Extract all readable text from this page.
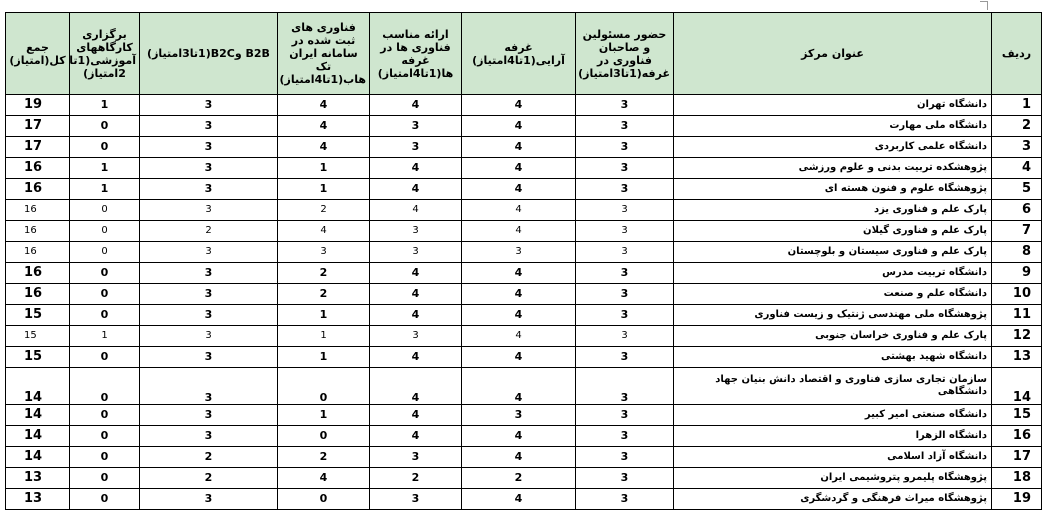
ردیف	عنوان مرکز	حضور مسئولین و صاحبان فناوری در غرفه(1تا3امتیاز)	غرفه آرایی(1تا4امتیاز)	ارائه مناسب فناوری ها در غرفه ها(1تا4امتیاز)	فناوری های ثبت شده در سامانه ایران تک هاب(1تا4امتیاز)	B2B وB2C(1تا3امتیاز)	برگزاری کارگاههای آموزشی(1تا 2امتیاز)	جمع کل(امتیاز)
1	دانشگاه تهران	3	4	4	4	3	1	19
2	دانشگاه ملی مهارت	3	4	3	4	3	0	17
3	دانشگاه علمی کاربردی	3	4	3	4	3	0	17
4	پژوهشکده تربیت بدنی و علوم ورزشی	3	4	4	1	3	1	16
5	پژوهشگاه علوم و فنون هسته ای	3	4	4	1	3	1	16
6	پارک علم و فناوری یزد	3	4	4	2	3	0	16
7	پارک علم و فناوری گیلان	3	4	3	4	2	0	16
8	پارک علم و فناوری سیستان و بلوچستان	3	3	3	3	3	0	16
9	دانشگاه تربیت مدرس	3	4	4	2	3	0	16
10	دانشگاه علم و صنعت	3	4	4	2	3	0	16
11	پژوهشگاه ملی مهندسی ژنتیک و زیست فناوری	3	4	4	1	3	0	15
12	پارک علم و فناوری خراسان جنوبی	3	4	3	1	3	1	15
13	دانشگاه شهید بهشتی	3	4	4	1	3	0	15
14	سازمان تجاری سازی فناوری و اقتصاد دانش بنیان جهاد دانشگاهی	3	4	4	0	3	0	14
15	دانشگاه صنعتی امیر کبیر	3	3	4	1	3	0	14
16	دانشگاه الزهرا	3	4	4	0	3	0	14
17	دانشگاه آزاد اسلامی	3	4	3	2	2	0	14
18	پژوهشگاه پلیمرو پتروشیمی ایران	3	2	2	4	2	0	13
19	پژوهشگاه میراث فرهنگی و گردشگری	3	4	3	0	3	0	13
